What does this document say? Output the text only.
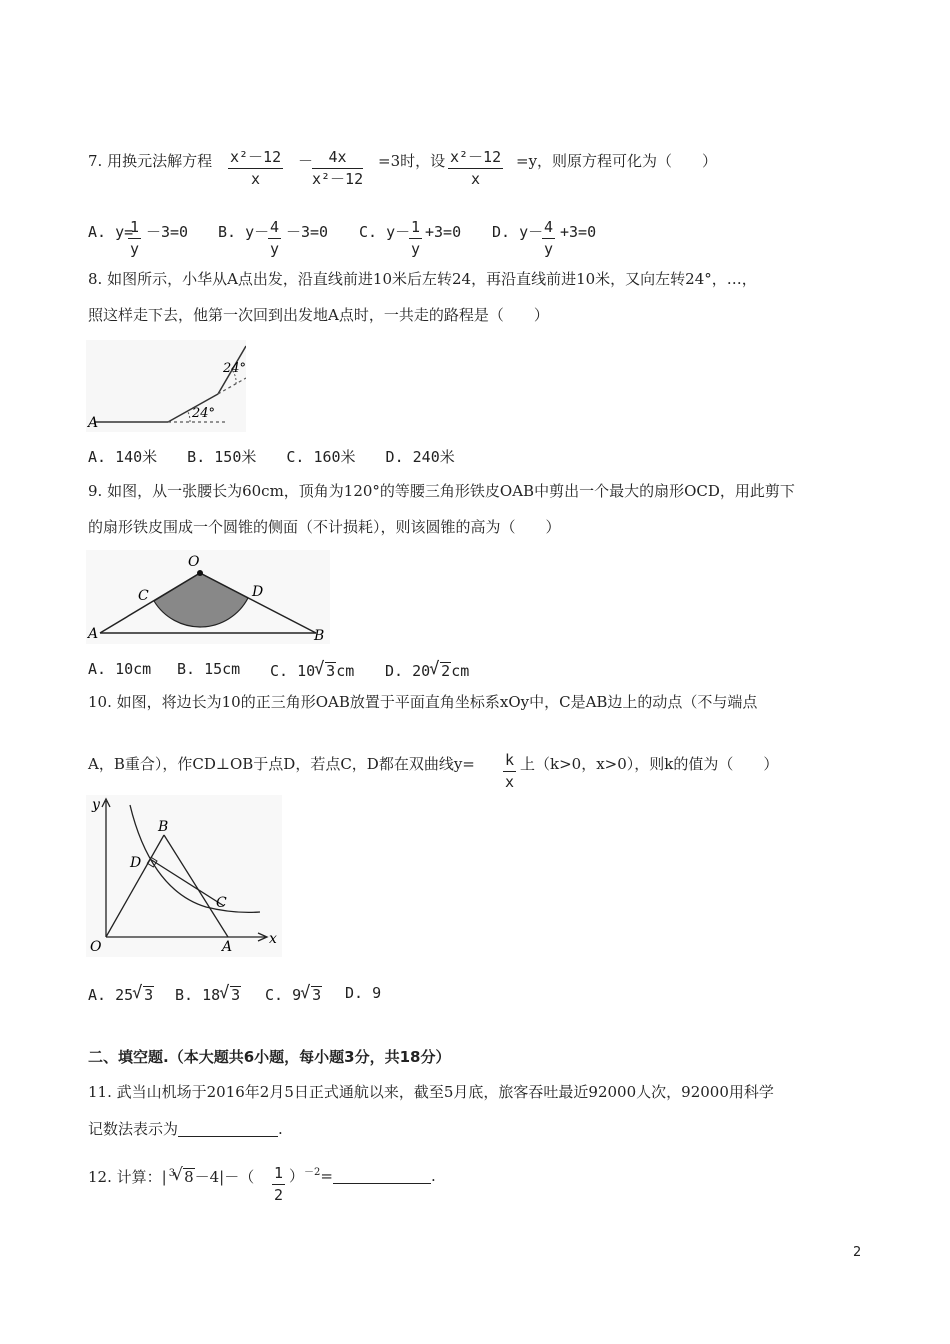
7. 用换元法解方程 $\frac{\text{x²－12}}{x}$ －
$\frac{4x}{\text{x²－12}} =3$时，设 $\frac{\text{x²－12}}{x} =y$，则原方程可化为（　　）
A. y=
$\frac{1}{y} -3=0$ B. y－
$\frac{4}{y} -3=0$ C. y－
$\frac{1}{y} +3=0$ D. y－
$\frac{4}{y} +3=0$
8. 如图所示，小华从A点出发，沿直线前进10米后左转24，再沿直线前进10米，又向左转24°，…，
照这样走下去，他第一次回到出发地A点时，一共走的路程是（　　）
A
24°
24°
A. 140米　　B. 150米　　C. 160米　　D. 240米
9. 如图，从一张腰长为60cm，顶角为120°的等腰三角形铁皮OAB中剪出一个最大的扇形OCD，用此剪下
的扇形铁皮围成一个圆锥的侧面（不计损耗），则该圆锥的高为（　　）
O
C	D
A	B
A. 10cm B. 15cm C. 10 √ 3cm D. 20 √ 2cm
10. 如图，将边长为10的正三角形OAB放置于平面直角坐标系xOy中，C是AB边上的动点（不与端点
A，B重合），作CD⊥OB于点D，若点C，D都在双曲线$y= \frac{k}{x}$ 上（k>0，x>0），则k的值为（　　）
y
x
O	A
B
C
D
A. 25 √ 3 B. 18 √ 3 C. 9 √ 3 D. 9
二、填空题.（本大题共6小题，每小题3分，共18分）
11. 武当山机场于2016年2月5日正式通航以来，截至5月底，旅客吞吐最近92000人次，92000用科学
记数法表示为	.
12. 计算：| $^3$ √ $8-4|-( \frac{1}{2} )^{-2}=$	.
2
